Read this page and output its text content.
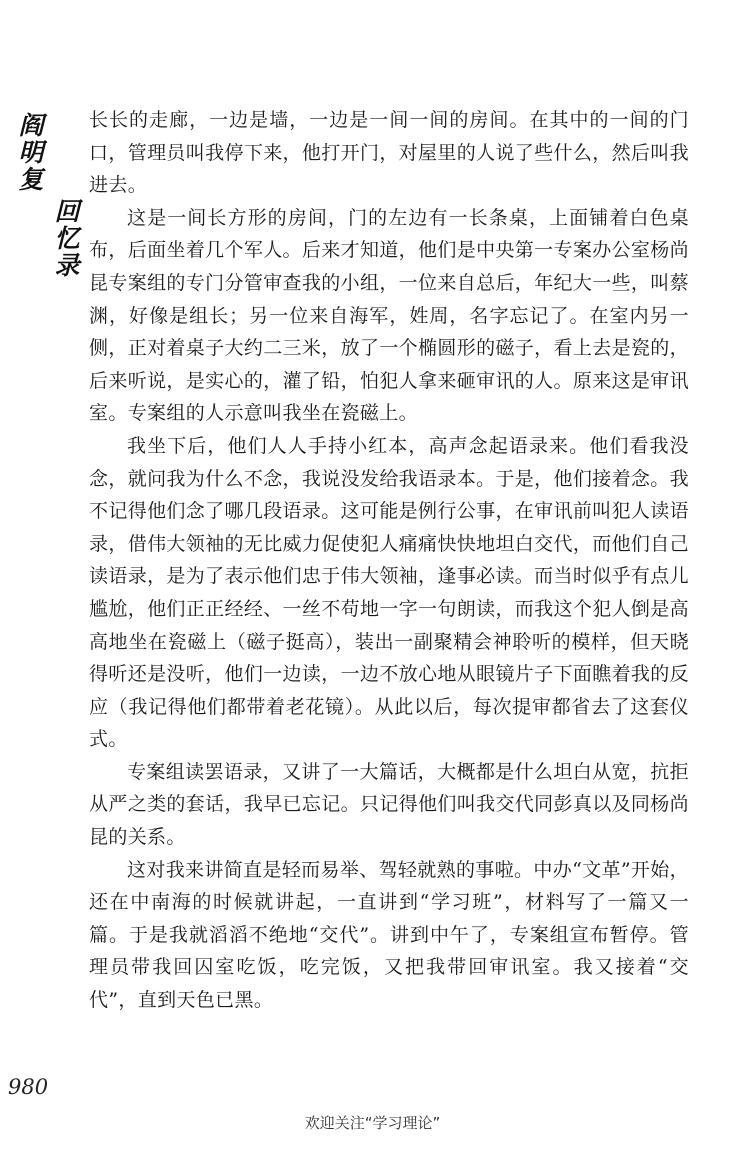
阎明复
回忆录

长长的走廊，一边是墙，一边是一间一间的房间。在其中的一间的门口，管理员叫我停下来，他打开门，对屋里的人说了些什么，然后叫我进去。

这是一间长方形的房间，门的左边有一长条桌，上面铺着白色桌布，后面坐着几个军人。后来才知道，他们是中央第一专案办公室杨尚昆专案组的专门分管审查我的小组，一位来自总后，年纪大一些，叫蔡渊，好像是组长；另一位来自海军，姓周，名字忘记了。在室内另一侧，正对着桌子大约二三米，放了一个椭圆形的磁子，看上去是瓷的，后来听说，是实心的，灌了铅，怕犯人拿来砸审讯的人。原来这是审讯室。专案组的人示意叫我坐在瓷磁上。

我坐下后，他们人人手持小红本，高声念起语录来。他们看我没念，就问我为什么不念，我说没发给我语录本。于是，他们接着念。我不记得他们念了哪几段语录。这可能是例行公事，在审讯前叫犯人读语录，借伟大领袖的无比威力促使犯人痛痛快快地坦白交代，而他们自己读语录，是为了表示他们忠于伟大领袖，逢事必读。而当时似乎有点儿尴尬，他们正正经经、一丝不苟地一字一句朗读，而我这个犯人倒是高高地坐在瓷磁上（磁子挺高），装出一副聚精会神聆听的模样，但天晓得听还是没听，他们一边读，一边不放心地从眼镜片子下面瞧着我的反应（我记得他们都带着老花镜）。从此以后，每次提审都省去了这套仪式。

专案组读罢语录，又讲了一大篇话，大概都是什么坦白从宽，抗拒从严之类的套话，我早已忘记。只记得他们叫我交代同彭真以及同杨尚昆的关系。

这对我来讲简直是轻而易举、驾轻就熟的事啦。中办“文革”开始，还在中南海的时候就讲起，一直讲到“学习班”，材料写了一篇又一篇。于是我就滔滔不绝地“交代”。讲到中午了，专案组宣布暂停。管理员带我回囚室吃饭，吃完饭，又把我带回审讯室。我又接着“交代”，直到天色已黑。

980
欢迎关注“学习理论”
